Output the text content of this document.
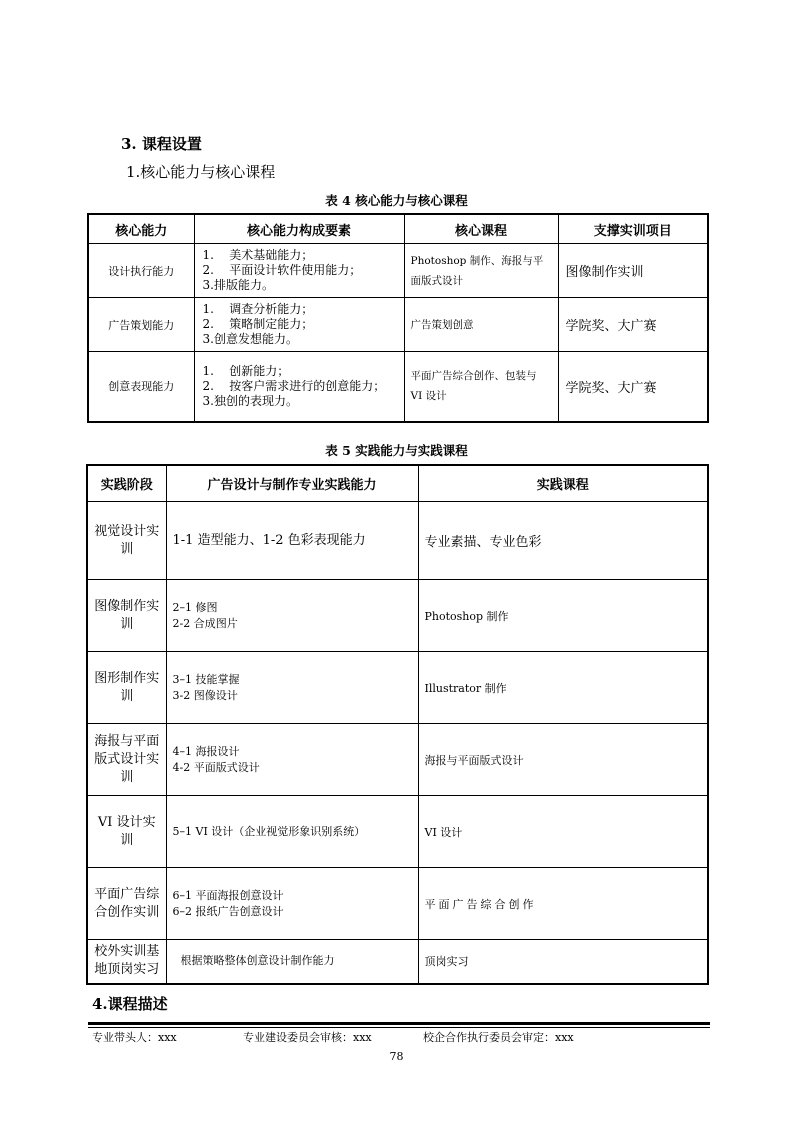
3. 课程设置
1.核心能力与核心课程
表 4 核心能力与核心课程
核心能力	核心能力构成要素	核心课程	支撑实训项目
设计执行能力	1.    美术基础能力；
2.    平面设计软件使用能力；
3.排版能力。	Photoshop 制作、海报与平面版式设计	图像制作实训
广告策划能力	1.    调查分析能力；
2.    策略制定能力；
3.创意发想能力。	广告策划创意	学院奖、大广赛
创意表现能力	1.    创新能力；
2.    按客户需求进行的创意能力；
3.独创的表现力。	平面广告综合创作、包装与 VI 设计	学院奖、大广赛
表 5 实践能力与实践课程
实践阶段	广告设计与制作专业实践能力	实践课程
视觉设计实训	1-1 造型能力、1-2 色彩表现能力	专业素描、专业色彩
图像制作实训	2–1 修图
2-2 合成图片	Photoshop 制作
图形制作实训	3–1 技能掌握
3-2 图像设计	Illustrator 制作
海报与平面版式设计实训	4–1 海报设计
4-2 平面版式设计	海报与平面版式设计
VI 设计实训	5–1 VI 设计（企业视觉形象识别系统）	VI 设计
平面广告综合创作实训	6–1 平面海报创意设计
6–2 报纸广告创意设计	平面广告综合创作
校外实训基地顶岗实习	根据策略整体创意设计制作能力	顶岗实习
4.课程描述
专业带头人：xxx	专业建设委员会审核：xxx	校企合作执行委员会审定：xxx
78
